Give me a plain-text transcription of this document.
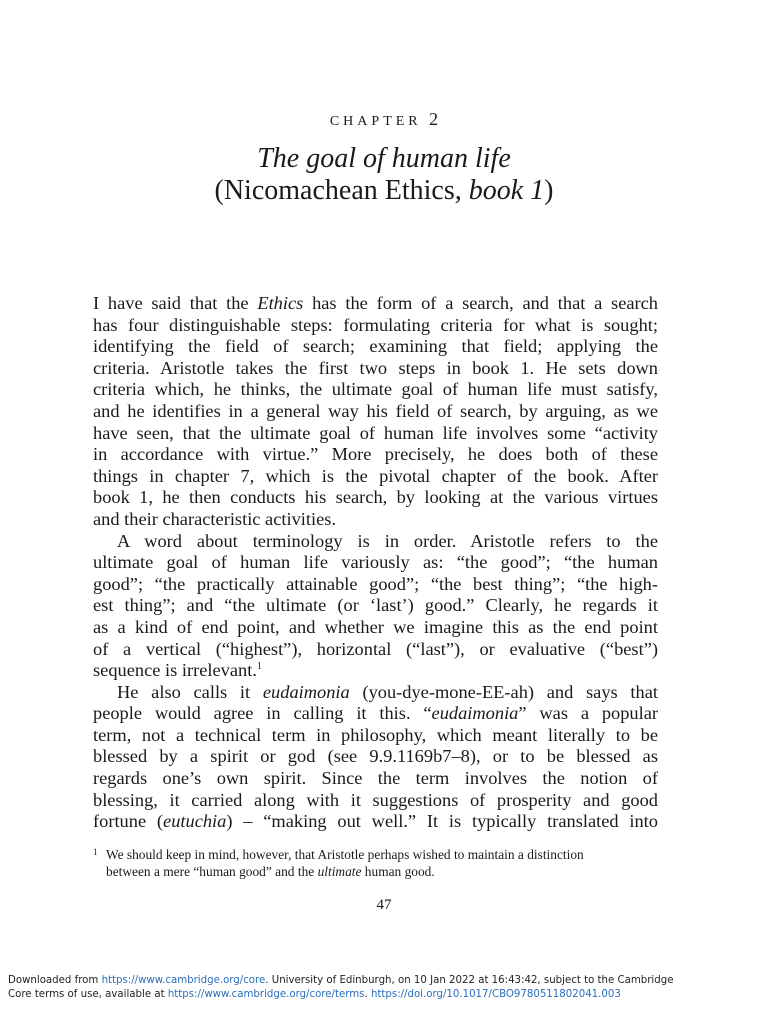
CHAPTER 2
The goal of human life
(Nicomachean Ethics, book 1)
I have said that the Ethics has the form of a search, and that a search
has four distinguishable steps: formulating criteria for what is sought;
identifying the field of search; examining that field; applying the
criteria. Aristotle takes the first two steps in book 1. He sets down
criteria which, he thinks, the ultimate goal of human life must satisfy,
and he identifies in a general way his field of search, by arguing, as we
have seen, that the ultimate goal of human life involves some “activity
in accordance with virtue.” More precisely, he does both of these
things in chapter 7, which is the pivotal chapter of the book. After
book 1, he then conducts his search, by looking at the various virtues
and their characteristic activities.
A word about terminology is in order. Aristotle refers to the
ultimate goal of human life variously as: “the good”; “the human
good”; “the practically attainable good”; “the best thing”; “the high-
est thing”; and “the ultimate (or ‘last’) good.” Clearly, he regards it
as a kind of end point, and whether we imagine this as the end point
of a vertical (“highest”), horizontal (“last”), or evaluative (“best”)
sequence is irrelevant.$^1$
He also calls it eudaimonia (you-dye-mone-EE-ah) and says that
people would agree in calling it this. “eudaimonia” was a popular
term, not a technical term in philosophy, which meant literally to be
blessed by a spirit or god (see 9.9.1169b7–8), or to be blessed as
regards one’s own spirit. Since the term involves the notion of
blessing, it carried along with it suggestions of prosperity and good
fortune (eutuchia) – “making out well.” It is typically translated into
1 We should keep in mind, however, that Aristotle perhaps wished to maintain a distinction
between a mere “human good” and the ultimate human good.
47
Downloaded from https://www.cambridge.org/core. University of Edinburgh, on 10 Jan 2022 at 16:43:42, subject to the Cambridge
Core terms of use, available at https://www.cambridge.org/core/terms. https://doi.org/10.1017/CBO9780511802041.003
